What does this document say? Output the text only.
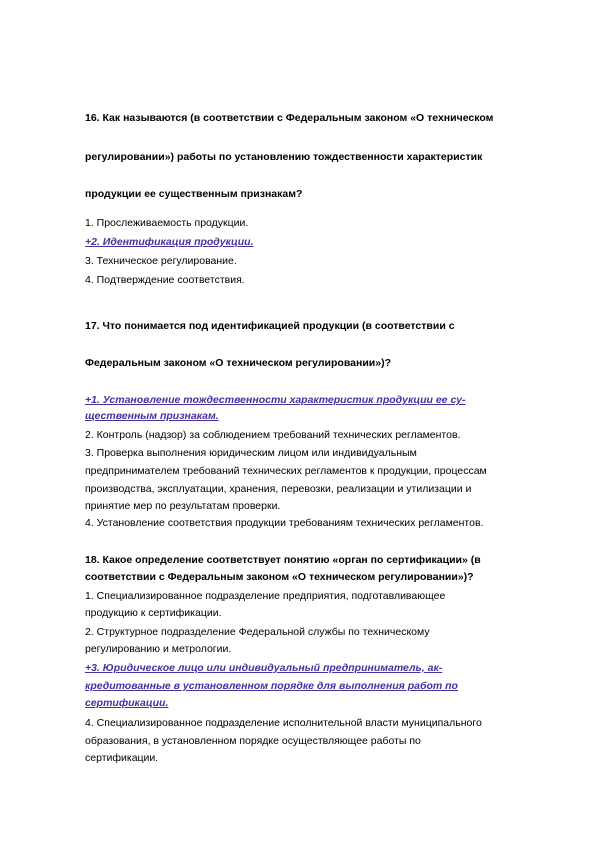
16. Как называются (в соответствии с Федеральным законом «О техническом
регулировании») работы по установлению тождественности характеристик
продукции ее существенным признакам?
1. Прослеживаемость продукции.
+2. Идентификация продукции.
3. Техническое регулирование.
4. Подтверждение соответствия.
17. Что понимается под идентификацией продукции (в соответствии с
Федеральным законом «О техническом регулировании»)?
+1. Установление тождественности характеристик продукции ее су-
щественным признакам.
2. Контроль (надзор) за соблюдением требований технических регламентов.
3. Проверка выполнения юридическим лицом или индивидуальным
предпринимателем требований технических регламентов к продукции, процессам
производства, эксплуатации, хранения, перевозки, реализации и утилизации и
принятие мер по результатам проверки.
4. Установление соответствия продукции требованиям технических регламентов.
18. Какое определение соответствует понятию «орган по сертификации» (в
соответствии с Федеральным законом «О техническом регулировании»)?
1. Специализированное подразделение предприятия, подготавливающее
продукцию к сертификации.
2. Структурное подразделение Федеральной службы по техническому
регулированию и метрологии.
+3. Юридическое лицо или индивидуальный предприниматель, ак-
кредитованные в установленном порядке для выполнения работ по
сертификации.
4. Специализированное подразделение исполнительной власти муниципального
образования, в установленном порядке осуществляющее работы по
сертификации.
